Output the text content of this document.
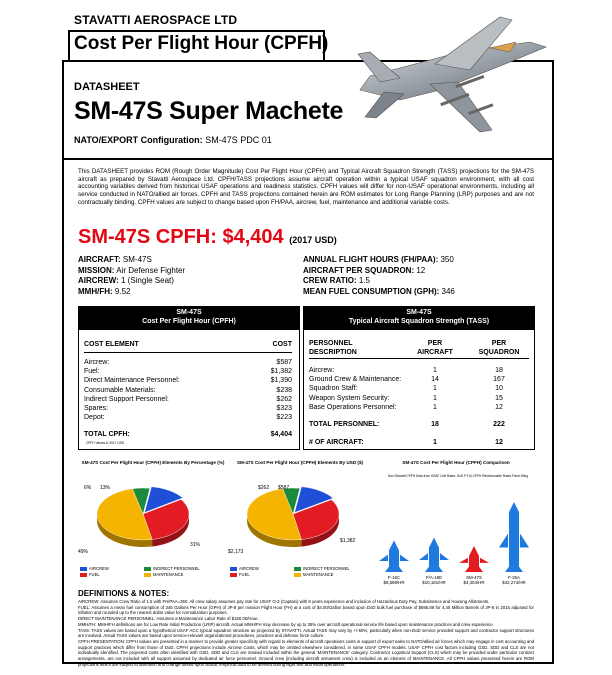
STAVATTI AEROSPACE LTD
Cost Per Flight Hour (CPFH)
DATASHEET
SM-47S Super Machete
NATO/EXPORT Configuration: SM-47S PDC 01
This DATASHEET provides ROM (Rough Order Magnitude) Cost Per Flight Hour (CPFH) and Typical Aircraft Squadron Strength (TASS) projections for the SM-47S aircraft as prepared by Stavatti Aerospace Ltd. CPFH/TASS projections assume aircraft operation within a typical USAF squadron environment, with all cost accounting variables derived from historical USAF operations and readiness statistics. CPFH values will differ for non-USAF operational environments, including all service conducted in NATO/allied air forces. CPFH and TASS projections contained herein are ROM estimates for Long Range Planning (LRP) purposes and are not contractually binding. CPFH values are subject to change based upon FH/PAA, aircrew, fuel, maintenance and additional variable costs.
SM-47S CPFH: $4,404 (2017 USD)
AIRCRAFT: SM-47S
MISSION: Air Defense Fighter
AIRCREW: 1 (Single Seat)
MMH/FH: 9.52
ANNUAL FLIGHT HOURS (FH/PAA): 350
AIRCRAFT PER SQUADRON: 12
CREW RATIO: 1.5
MEAN FUEL CONSUMPTION (GPH): 346
SM-47S
Cost Per Flight Hour (CPFH)
COST ELEMENT	COST
Aircrew:	$587
Fuel:	$1,382
Direct Maintenance Personnel:	$1,390
Consumable Materials:	$238
Indirect Support Personnel:	$262
Spares:	$323
Depot:	$223
TOTAL CPFH:	$4,404
CPFH Values in 2017 USD
SM-47S
Typical Aircraft Squadron Strength (TASS)
PERSONNEL
DESCRIPTION
PER
AIRCRAFT
PER
SQUADRON
Aircrew:	1	18
Ground Crew & Maintenance:	14	167
Squadron Staff:	1	10
Weapon System Security:	1	15
Base Operations Personnel:	1	12
TOTAL PERSONNEL:	18	222
# OF AIRCRAFT:	1	12
SM-47S Cost Per Flight Hour (CPFH) Elements By Percentage (%)	SM-47S Cost Per Flight Hour (CPFH) Elements By USD ($)	SM-47S Cost Per Flight Hour (CPFH) Comparison
Non-Stavatti CPFH Data from USAF Unit Rates. DoD FY14 CPFH Reimbursable Rates Fixed Wing
6% 13%
31%
49%
$262 $587
$1,382
$2,173
AIRCREW	INDIRECT PERSONNEL
FUEL	MAINTENANCE
AIRCREW	INDIRECT PERSONNEL
FUEL	MAINTENANCE
F-16C
$8,598/HR
F/A-18E
$10,181/HR
SM-47S
$4,404/HR
F-35A
$42,274/HR
DEFINITIONS & NOTES:
AIRCREW: Assumes Crew Ratio of 1.5 with FH/PAA=350. All crew salary assumes pay rate for USAF O-3 (Captain) with 8 years experience and inclusion of Hazardous Duty Pay, Subsistence and Housing Allotments.
FUEL: Assumes a mean fuel consumption of 346 Gallons Per Hour (GPH) of JP-8 per mission Flight Hour (FH) at a cost of $4.00/Gallon based upon DoD bulk fuel purchase of $695.88 for 4,45 Million Barrels of JP-8 in 2015 adjusted for inflation and rounded up to the nearest dollar value for normalization purposes.
DIRECT MAINTENANCE PERSONNEL: Assumes a Maintenance Labor Rate of $150.00/Hour.
MMH/FH: MMH/FH definitions are for Low Rate Initial Production (LRIP) aircraft. Actual MMH/FH may decrease by up to 35% over aircraft operational service life based upon maintenance practices and crew experience.
TASS: TASS values are based upon a hypothetical USAF ACC typical squadron structure as projected by STAVATTI. Actual TASS may vary by +/-50%, particularly when non-DoD service provided support and contractor support structures are involved. Actual TASS values are based upon service-relevant organizational procedures, practices and defense force culture.
CPFH PRESENTATION: CPFH values are presented in a manner to provide greater specificity with regard to elements of aircraft operations costs in support of export sales to NATO/allied air forces which may engage in cost accounting and support practices which differ from those of DoD. CPFH projections include Aircrew Costs, which may be omitted elsewhere considered, in some USAF CPFH models. USAF CPFH cost factors including GSD, SDD and CLS are not individually identified. The projected costs often identified with GSD, SDD and CLS are instead included within the general 'MAINTENANCE' category. Contractor Logistical Support (CLS) which may be provided under particular contract arrangements, are not included with all support assumed by dedicated air force personnel. Ground crew (including aircraft armament crew) is included as an element of MAINTENANCE. All CPFH values presented herein are ROM projections which are subject to alteration and change based upon actual, empirical data to be derived during flight test and initial operations.
